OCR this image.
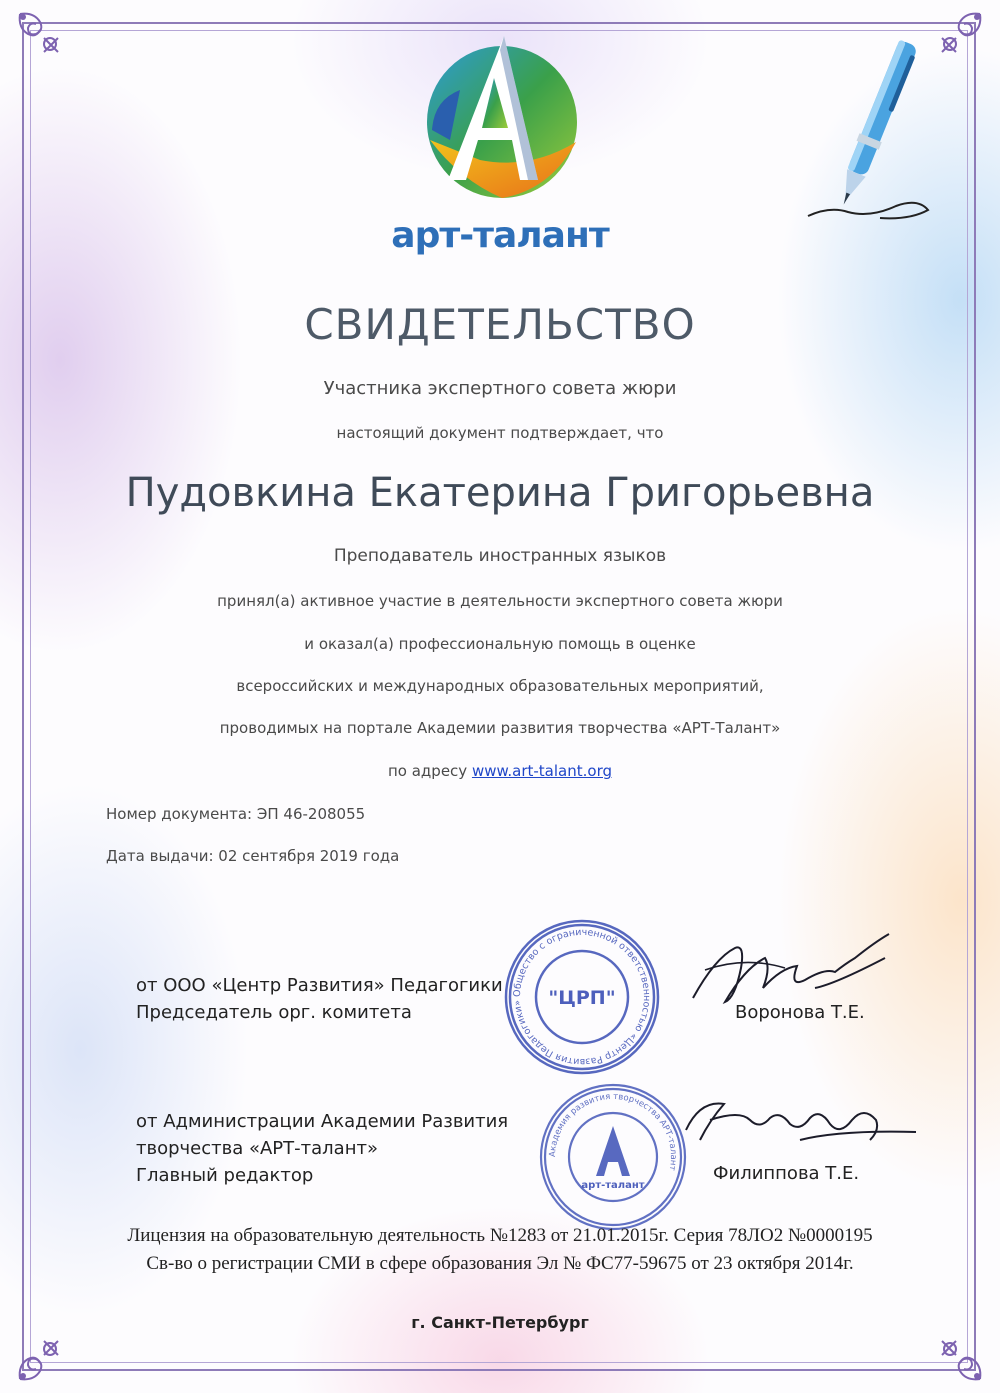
арт-талант
СВИДЕТЕЛЬСТВО
Участника экспертного совета жюри
настоящий документ подтверждает, что
Пудовкина Екатерина Григорьевна
Преподаватель иностранных языков
принял(а) активное участие в деятельности экспертного совета жюри
и оказал(а) профессиональную помощь в оценке
всероссийских и международных образовательных мероприятий,
проводимых на портале Академии развития творчества «АРТ-Талант»
по адресу www.art-talant.org
Номер документа: ЭП 46-208055
Дата выдачи: 02 сентября 2019 года
от ООО «Центр Развития» Педагогики
Председатель орг. комитета
Общество с ограниченной ответственностью «Центр Развития Педагогики»	"ЦРП"
Воронова Т.Е.
от Администрации Академии Развития
творчества «АРТ-талант»
Главный редактор
Академия развития творчества АРТ-талант
арт-талант
Филиппова Т.Е.
Лицензия на образовательную деятельность №1283 от 21.01.2015г. Серия 78ЛО2 №0000195
Св-во о регистрации СМИ в сфере образования Эл № ФС77-59675 от 23 октября 2014г.
г. Санкт-Петербург
